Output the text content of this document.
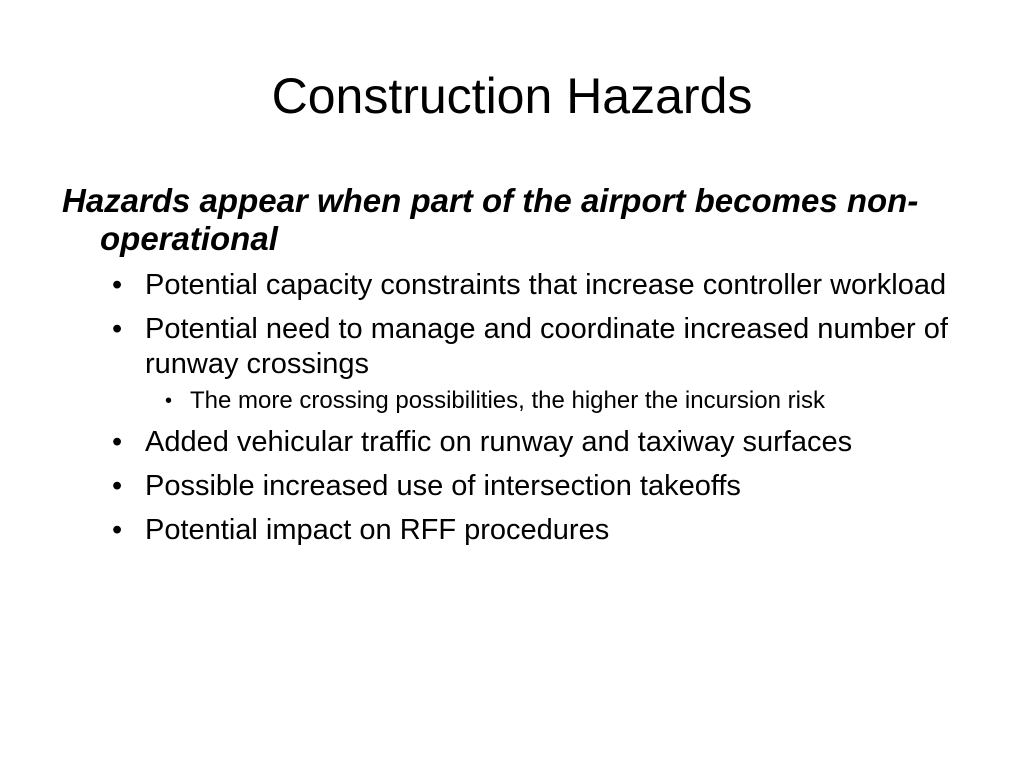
Construction Hazards

Hazards appear when part of the airport becomes non-operational

• Potential capacity constraints that increase controller workload
• Potential need to manage and coordinate increased number of runway crossings
• The more crossing possibilities, the higher the incursion risk
• Added vehicular traffic on runway and taxiway surfaces
• Possible increased use of intersection takeoffs
• Potential impact on RFF procedures
